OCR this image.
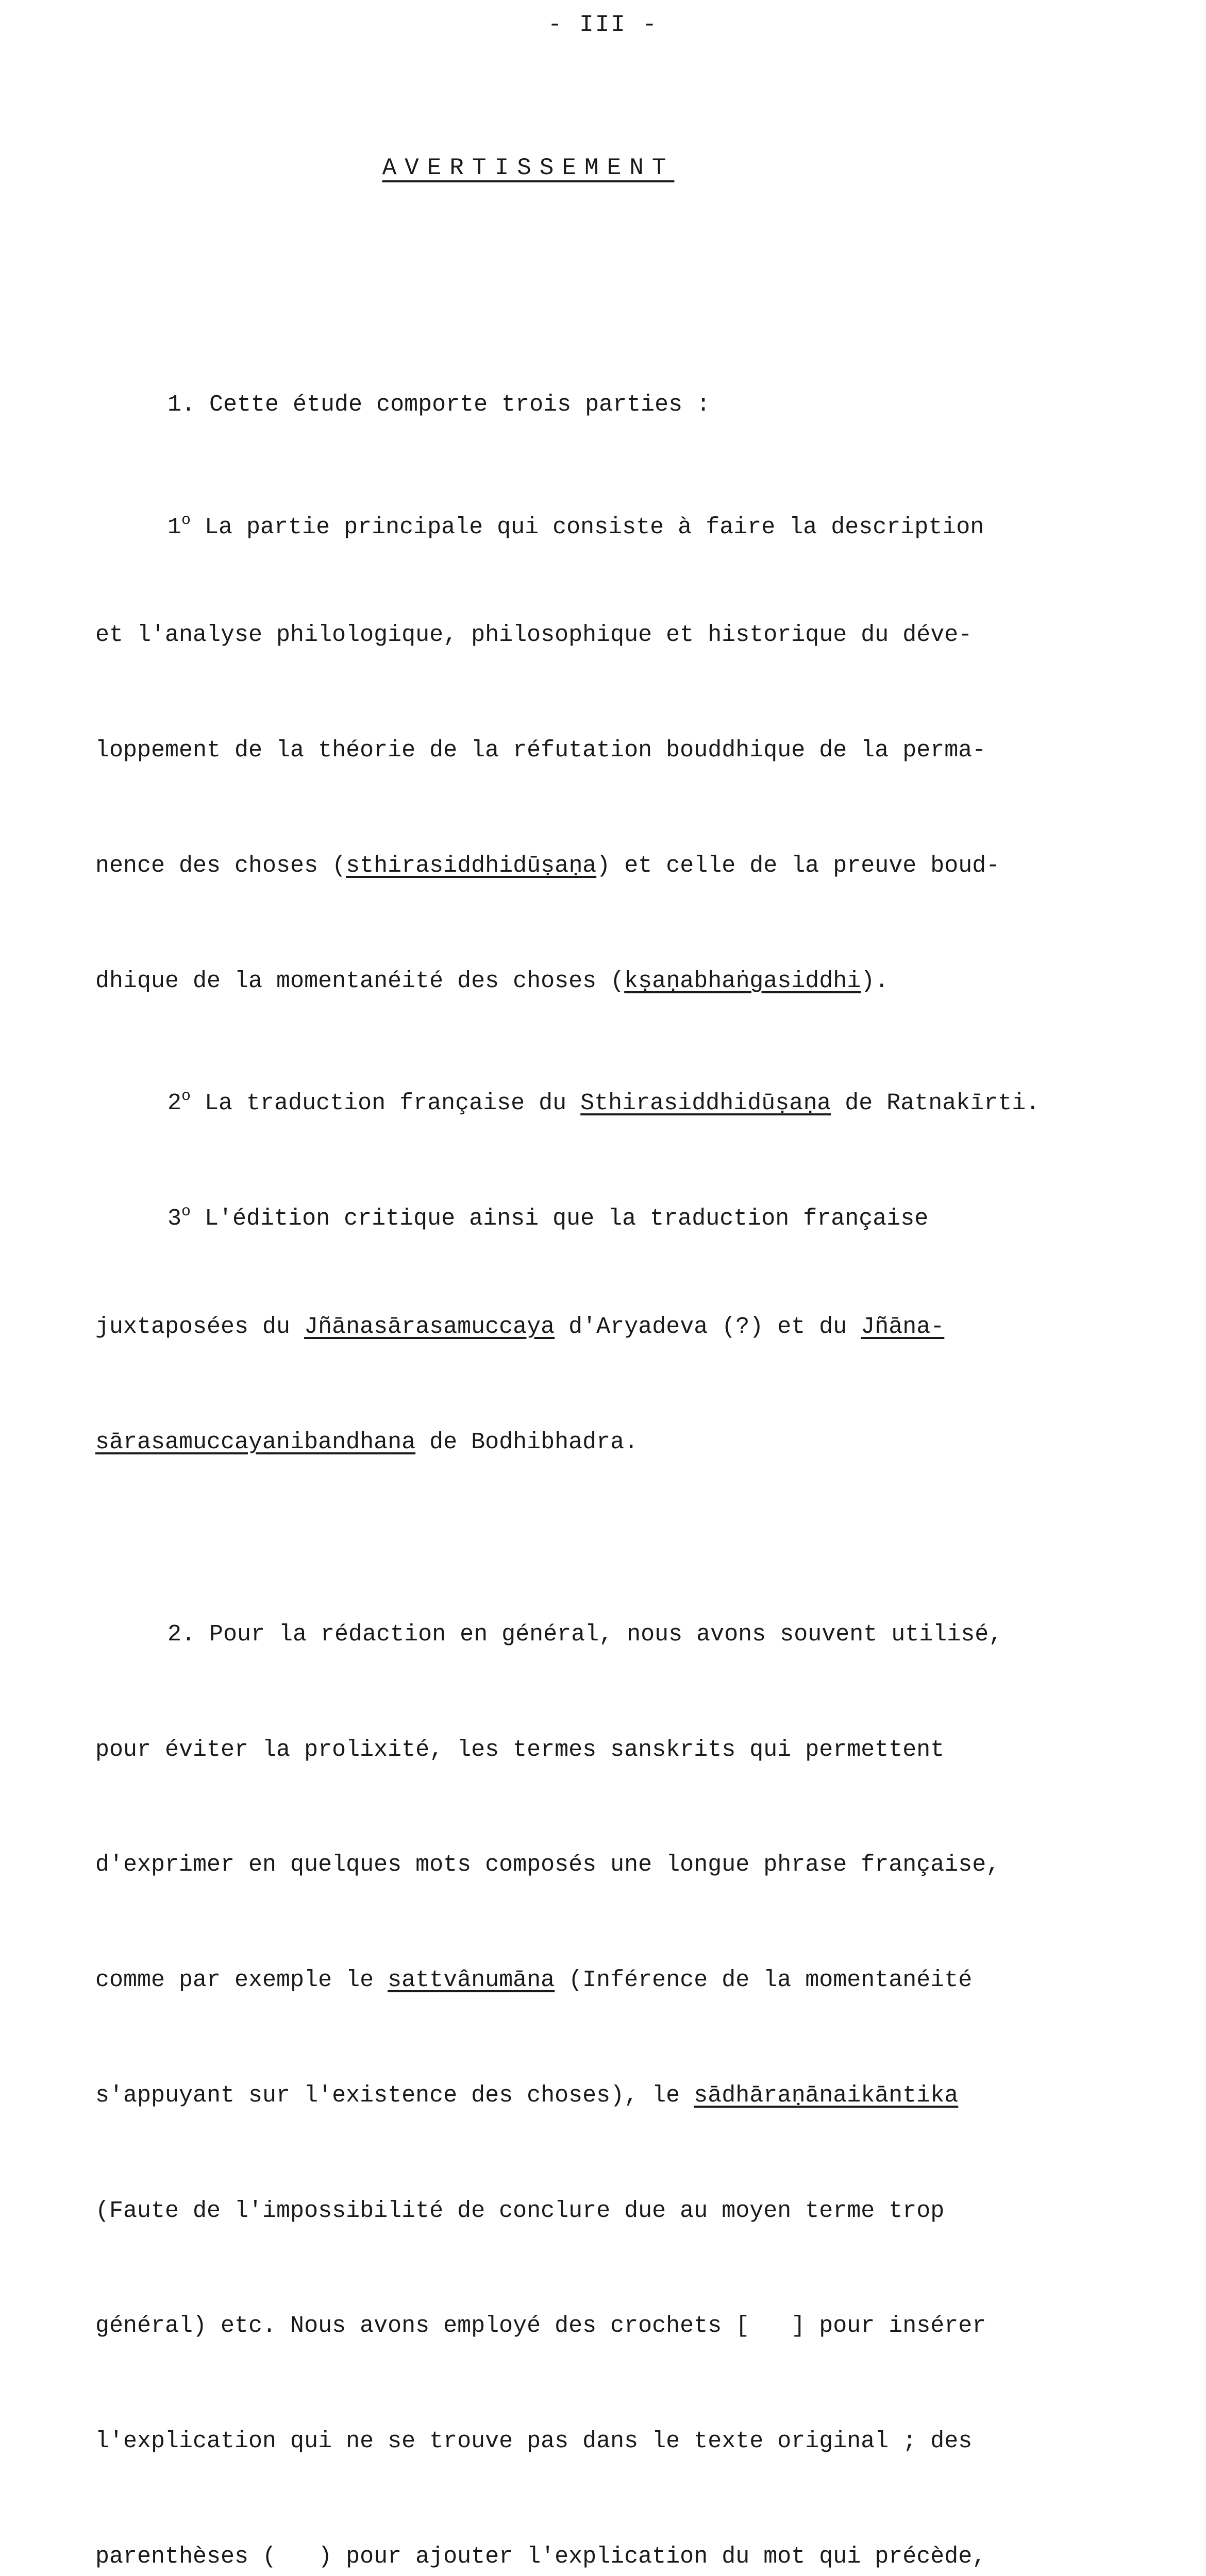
- III -
AVERTISSEMENT

1. Cette étude comporte trois parties :

1$^o$ La partie principale qui consiste à faire la description

et l'analyse philologique, philosophique et historique du déve-

loppement de la théorie de la réfutation bouddhique de la perma-

nence des choses (sthirasiddhidūṣaṇa) et celle de la preuve boud-

dhique de la momentanéité des choses (kṣaṇabhaṅgasiddhi).

2$^o$ La traduction française du Sthirasiddhidūṣaṇa de Ratnakīrti.

3$^o$ L'édition critique ainsi que la traduction française

juxtaposées du Jñānasārasamuccaya d'Aryadeva (?) et du Jñāna-

sārasamuccayanibandhana de Bodhibhadra.

2. Pour la rédaction en général, nous avons souvent utilisé,

pour éviter la prolixité, les termes sanskrits qui permettent

d'exprimer en quelques mots composés une longue phrase française,

comme par exemple le sattvânumāna (Inférence de la momentanéité

s'appuyant sur l'existence des choses), le sādhāraṇānaikāntika

(Faute de l'impossibilité de conclure due au moyen terme trop

général) etc. Nous avons employé des crochets [   ] pour insérer

l'explication qui ne se trouve pas dans le texte original ; des

parenthèses (   ) pour ajouter l'explication du mot qui précède,
